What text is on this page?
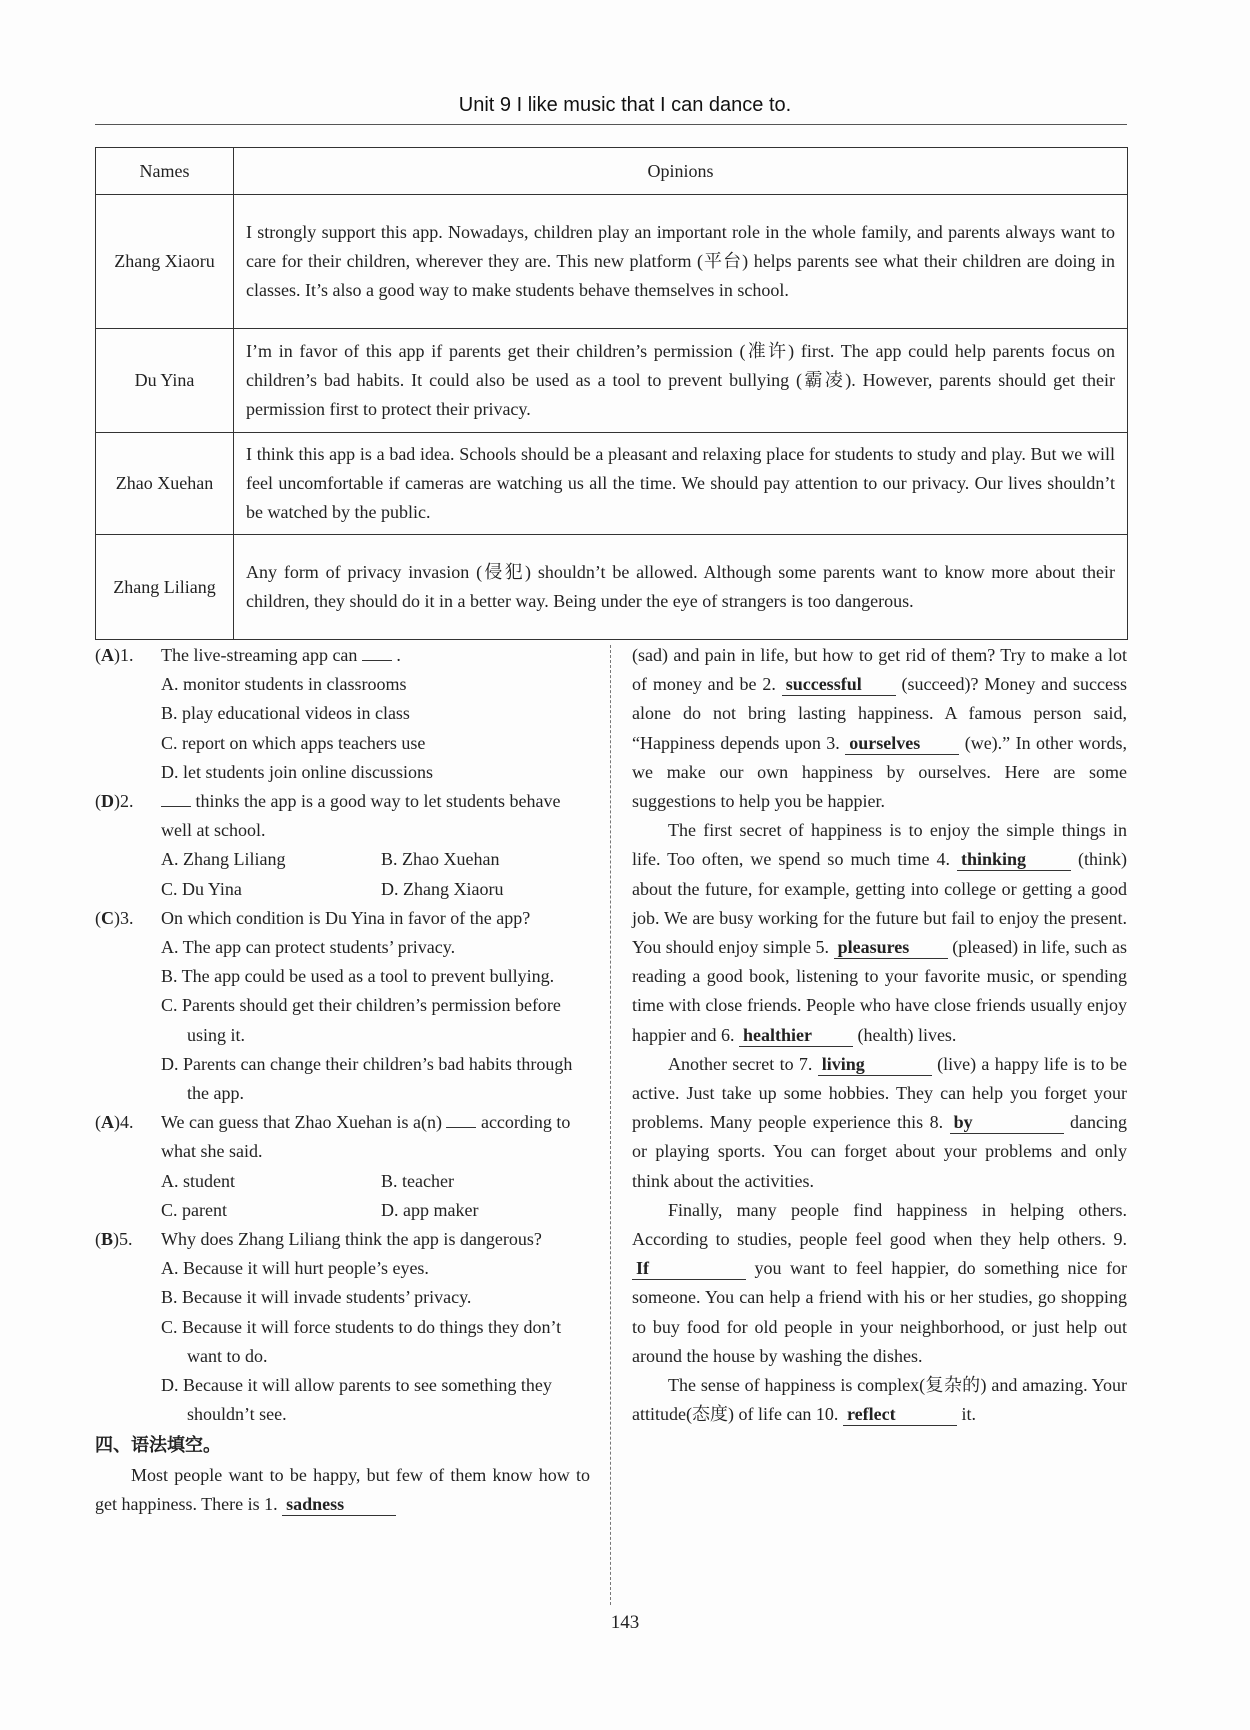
Unit 9 I like music that I can dance to.
Names	Opinions
Zhang Xiaoru	I strongly support this app. Nowadays, children play an important role in the whole family, and parents always want to care for their children, wherever they are. This new platform (平台) helps parents see what their children are doing in classes. It’s also a good way to make students behave themselves in school.
Du Yina	I’m in favor of this app if parents get their children’s permission (准许) first. The app could help parents focus on children’s bad habits. It could also be used as a tool to prevent bullying (霸凌). However, parents should get their permission first to protect their privacy.
Zhao Xuehan	I think this app is a bad idea. Schools should be a pleasant and relaxing place for students to study and play. But we will feel uncomfortable if cameras are watching us all the time. We should pay attention to our privacy. Our lives shouldn’t be watched by the public.
Zhang Liliang	Any form of privacy invasion (侵犯) shouldn’t be allowed. Although some parents want to know more about their children, they should do it in a better way. Being under the eye of strangers is too dangerous.
(A)1.	The live-streaming app can .
A. monitor students in classrooms
B. play educational videos in class
C. report on which apps teachers use
D. let students join online discussions
(D)2.	thinks the app is a good way to let students behave well at school.
A. Zhang Liliang	B. Zhao Xuehan
C. Du Yina	D. Zhang Xiaoru
(C)3.	On which condition is Du Yina in favor of the app?
A. The app can protect students’ privacy.
B. The app could be used as a tool to prevent bullying.
C. Parents should get their children’s permission before using it.
D. Parents can change their children’s bad habits through the app.
(A)4.	We can guess that Zhao Xuehan is a(n) according to what she said.
A. student	B. teacher
C. parent	D. app maker
(B)5.	Why does Zhang Liliang think the app is dangerous?
A. Because it will hurt people’s eyes.
B. Because it will invade students’ privacy.
C. Because it will force students to do things they don’t want to do.
D. Because it will allow parents to see something they shouldn’t see.
四、语法填空。

Most people want to be happy, but few of them know how to get happiness. There is 1. sadness

(sad) and pain in life, but how to get rid of them? Try to make a lot of money and be 2. successful (succeed)? Money and success alone do not bring lasting happiness. A famous person said, “Happiness depends upon 3. ourselves (we).” In other words, we make our own happiness by ourselves. Here are some suggestions to help you be happier.

The first secret of happiness is to enjoy the simple things in life. Too often, we spend so much time 4. thinking (think) about the future, for example, getting into college or getting a good job. We are busy working for the future but fail to enjoy the present. You should enjoy simple 5. pleasures (pleased) in life, such as reading a good book, listening to your favorite music, or spending time with close friends. People who have close friends usually enjoy happier and 6. healthier (health) lives.

Another secret to 7. living	(live) a happy life is to be active. Just take up some hobbies. They can help you forget your problems. Many people experience this 8. by	dancing or playing sports. You can forget about your problems and only think about the activities.

Finally, many people find happiness in helping others. According to studies, people feel good when they help others. 9. If	you want to feel happier, do something nice for someone. You can help a friend with his or her studies, go shopping to buy food for old people in your neighborhood, or just help out around the house by washing the dishes.

The sense of happiness is complex(复杂的) and amazing. Your attitude(态度) of life can 10. reflect	it.

143
